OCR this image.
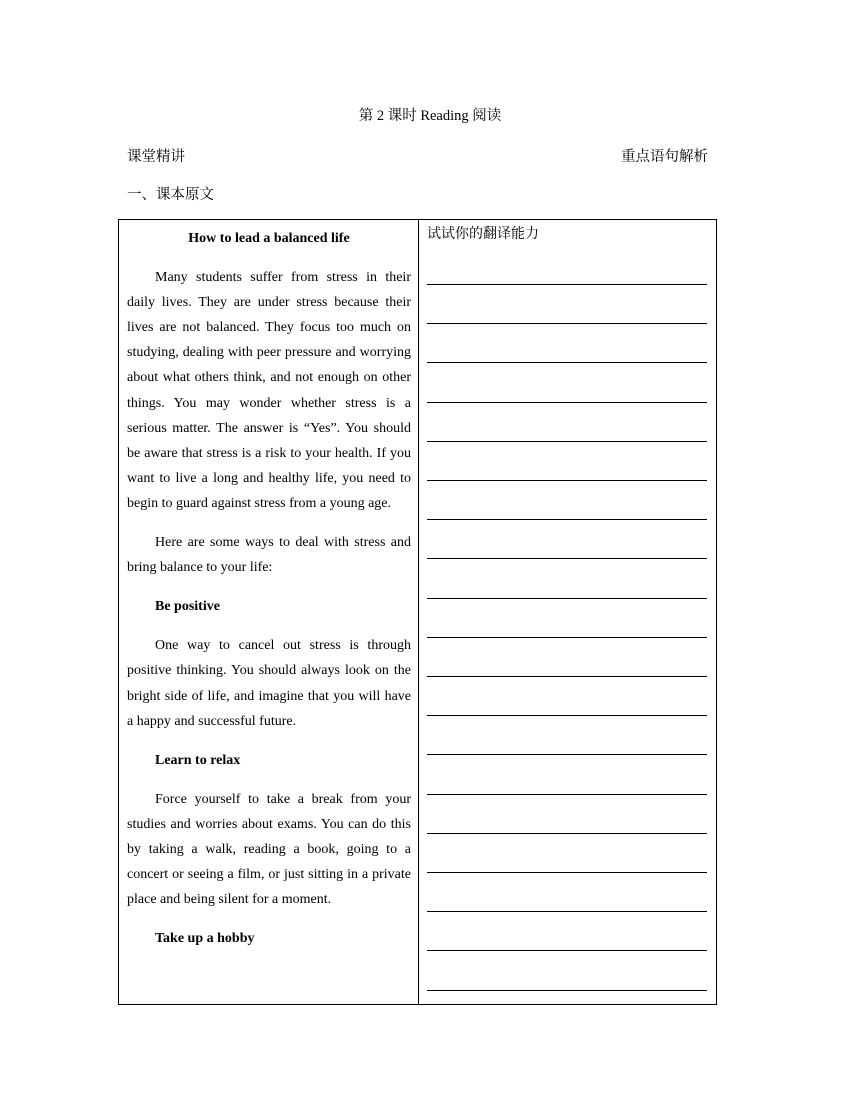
第 2 课时 Reading 阅读
课堂精讲	重点语句解析
一、课本原文

How to lead a balanced life

Many students suffer from stress in their daily lives. They are under stress because their lives are not balanced. They focus too much on studying, dealing with peer pressure and worrying about what others think, and not enough on other things. You may wonder whether stress is a serious matter. The answer is “Yes”. You should be aware that stress is a risk to your health. If you want to live a long and healthy life, you need to begin to guard against stress from a young age.

Here are some ways to deal with stress and bring balance to your life:

Be positive

One way to cancel out stress is through positive thinking. You should always look on the bright side of life, and imagine that you will have a happy and successful future.

Learn to relax

Force yourself to take a break from your studies and worries about exams. You can do this by taking a walk, reading a book, going to a concert or seeing a film, or just sitting in a private place and being silent for a moment.

Take up a hobby

试试你的翻译能力
